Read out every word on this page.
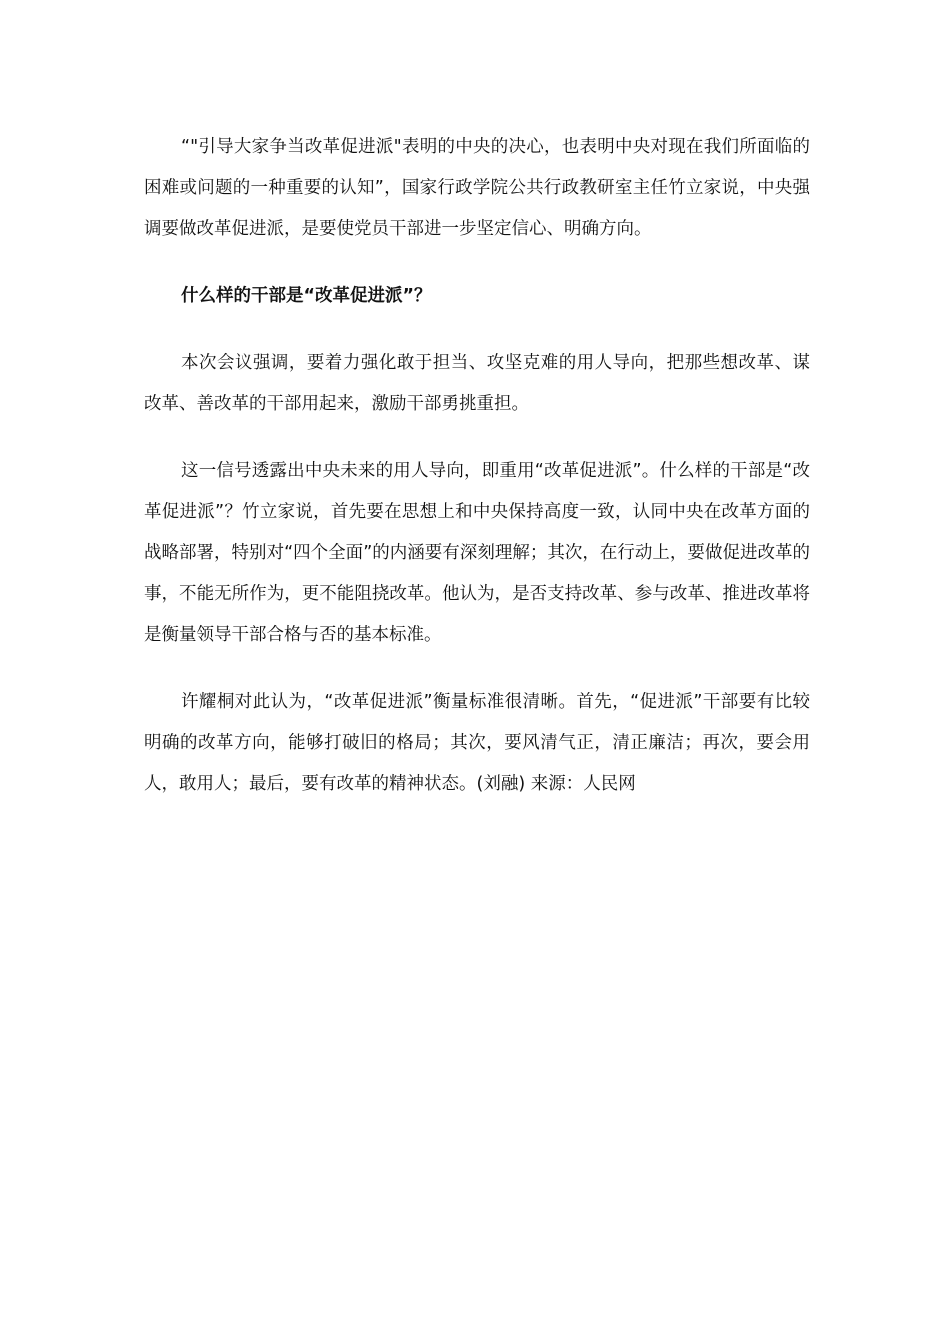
“"引导大家争当改革促进派"表明的中央的决心，也表明中央对现在我们所面临的困难或问题的一种重要的认知”，国家行政学院公共行政教研室主任竹立家说，中央强调要做改革促进派，是要使党员干部进一步坚定信心、明确方向。

什么样的干部是“改革促进派”？

本次会议强调，要着力强化敢于担当、攻坚克难的用人导向，把那些想改革、谋改革、善改革的干部用起来，激励干部勇挑重担。

这一信号透露出中央未来的用人导向，即重用“改革促进派”。什么样的干部是“改革促进派”？竹立家说，首先要在思想上和中央保持高度一致，认同中央在改革方面的战略部署，特别对“四个全面”的内涵要有深刻理解；其次，在行动上，要做促进改革的事，不能无所作为，更不能阻挠改革。他认为，是否支持改革、参与改革、推进改革将是衡量领导干部合格与否的基本标准。

许耀桐对此认为，“改革促进派”衡量标准很清晰。首先，“促进派”干部要有比较明确的改革方向，能够打破旧的格局；其次，要风清气正，清正廉洁；再次，要会用人，敢用人；最后，要有改革的精神状态。(刘融) 来源：人民网
